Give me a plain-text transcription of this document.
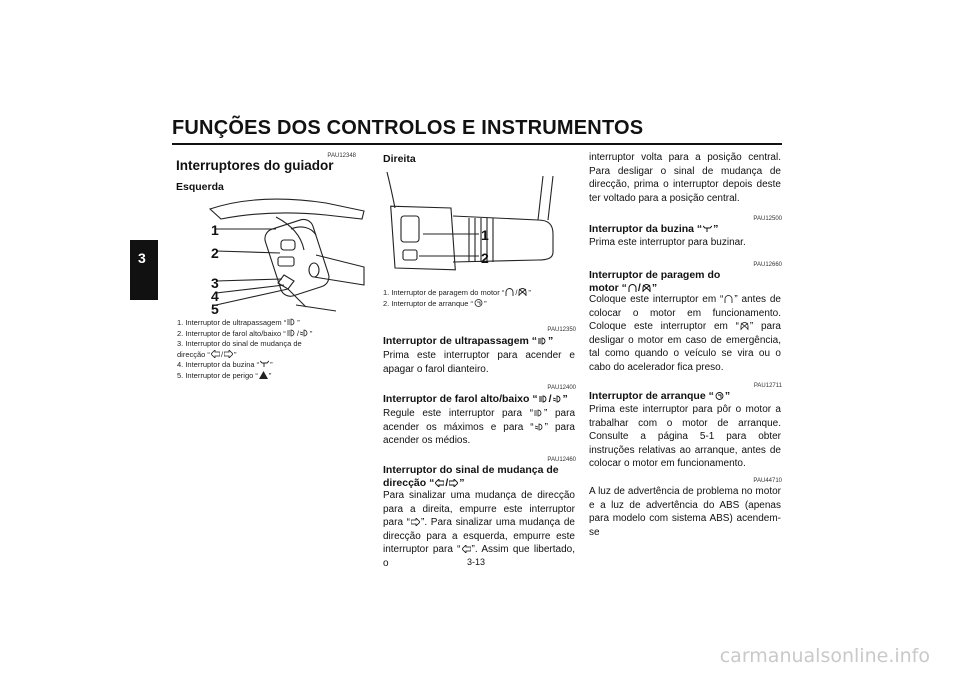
FUNÇÕES DOS CONTROLOS E INSTRUMENTOS
3
PAU12348
Interruptores do guiador
Esquerda
1
2
3
4
5
1. Interruptor de ultrapassagem “ ”
2. Interruptor de farol alto/baixo “ / ”
3. Interruptor do sinal de mudança de
direcção “ / ”
4. Interruptor da buzina “ ”
5. Interruptor de perigo “ ”
Direita
1
2
1. Interruptor de paragem do motor “ / ”
2. Interruptor de arranque “ ”
PAU12350
Interruptor de ultrapassagem “ ”
Prima este interruptor para acender e apagar o farol dianteiro.
PAU12400
Interruptor de farol alto/baixo “ / ”
Regule este interruptor para “ ” para acender os máximos e para “ ” para acender os médios.
PAU12460
Interruptor do sinal de mudança de
direcção “ / ”
Para sinalizar uma mudança de direcção para a direita, empurre este interruptor para “ ”. Para sinalizar uma mudança de direcção para a esquerda, empurre este interruptor para “ ”. Assim que libertado, o
interruptor volta para a posição central. Para desligar o sinal de mudança de direcção, prima o interruptor depois deste ter voltado para a posição central.
PAU12500
Interruptor da buzina “ ”
Prima este interruptor para buzinar.
PAU12660
Interruptor de paragem do
motor “ / ”
Coloque este interruptor em “ ” antes de colocar o motor em funcionamento. Coloque este interruptor em “ ” para desligar o motor em caso de emergência, tal como quando o veículo se vira ou o cabo do acelerador fica preso.
PAU12711
Interruptor de arranque “ ”
Prima este interruptor para pôr o motor a trabalhar com o motor de arranque. Consulte a página 5-1 para obter instruções relativas ao arranque, antes de colocar o motor em funcionamento.
PAU44710
A luz de advertência de problema no motor e a luz de advertência do ABS (apenas para modelo com sistema ABS) acendem-se
3-13
carmanualsonline.info
